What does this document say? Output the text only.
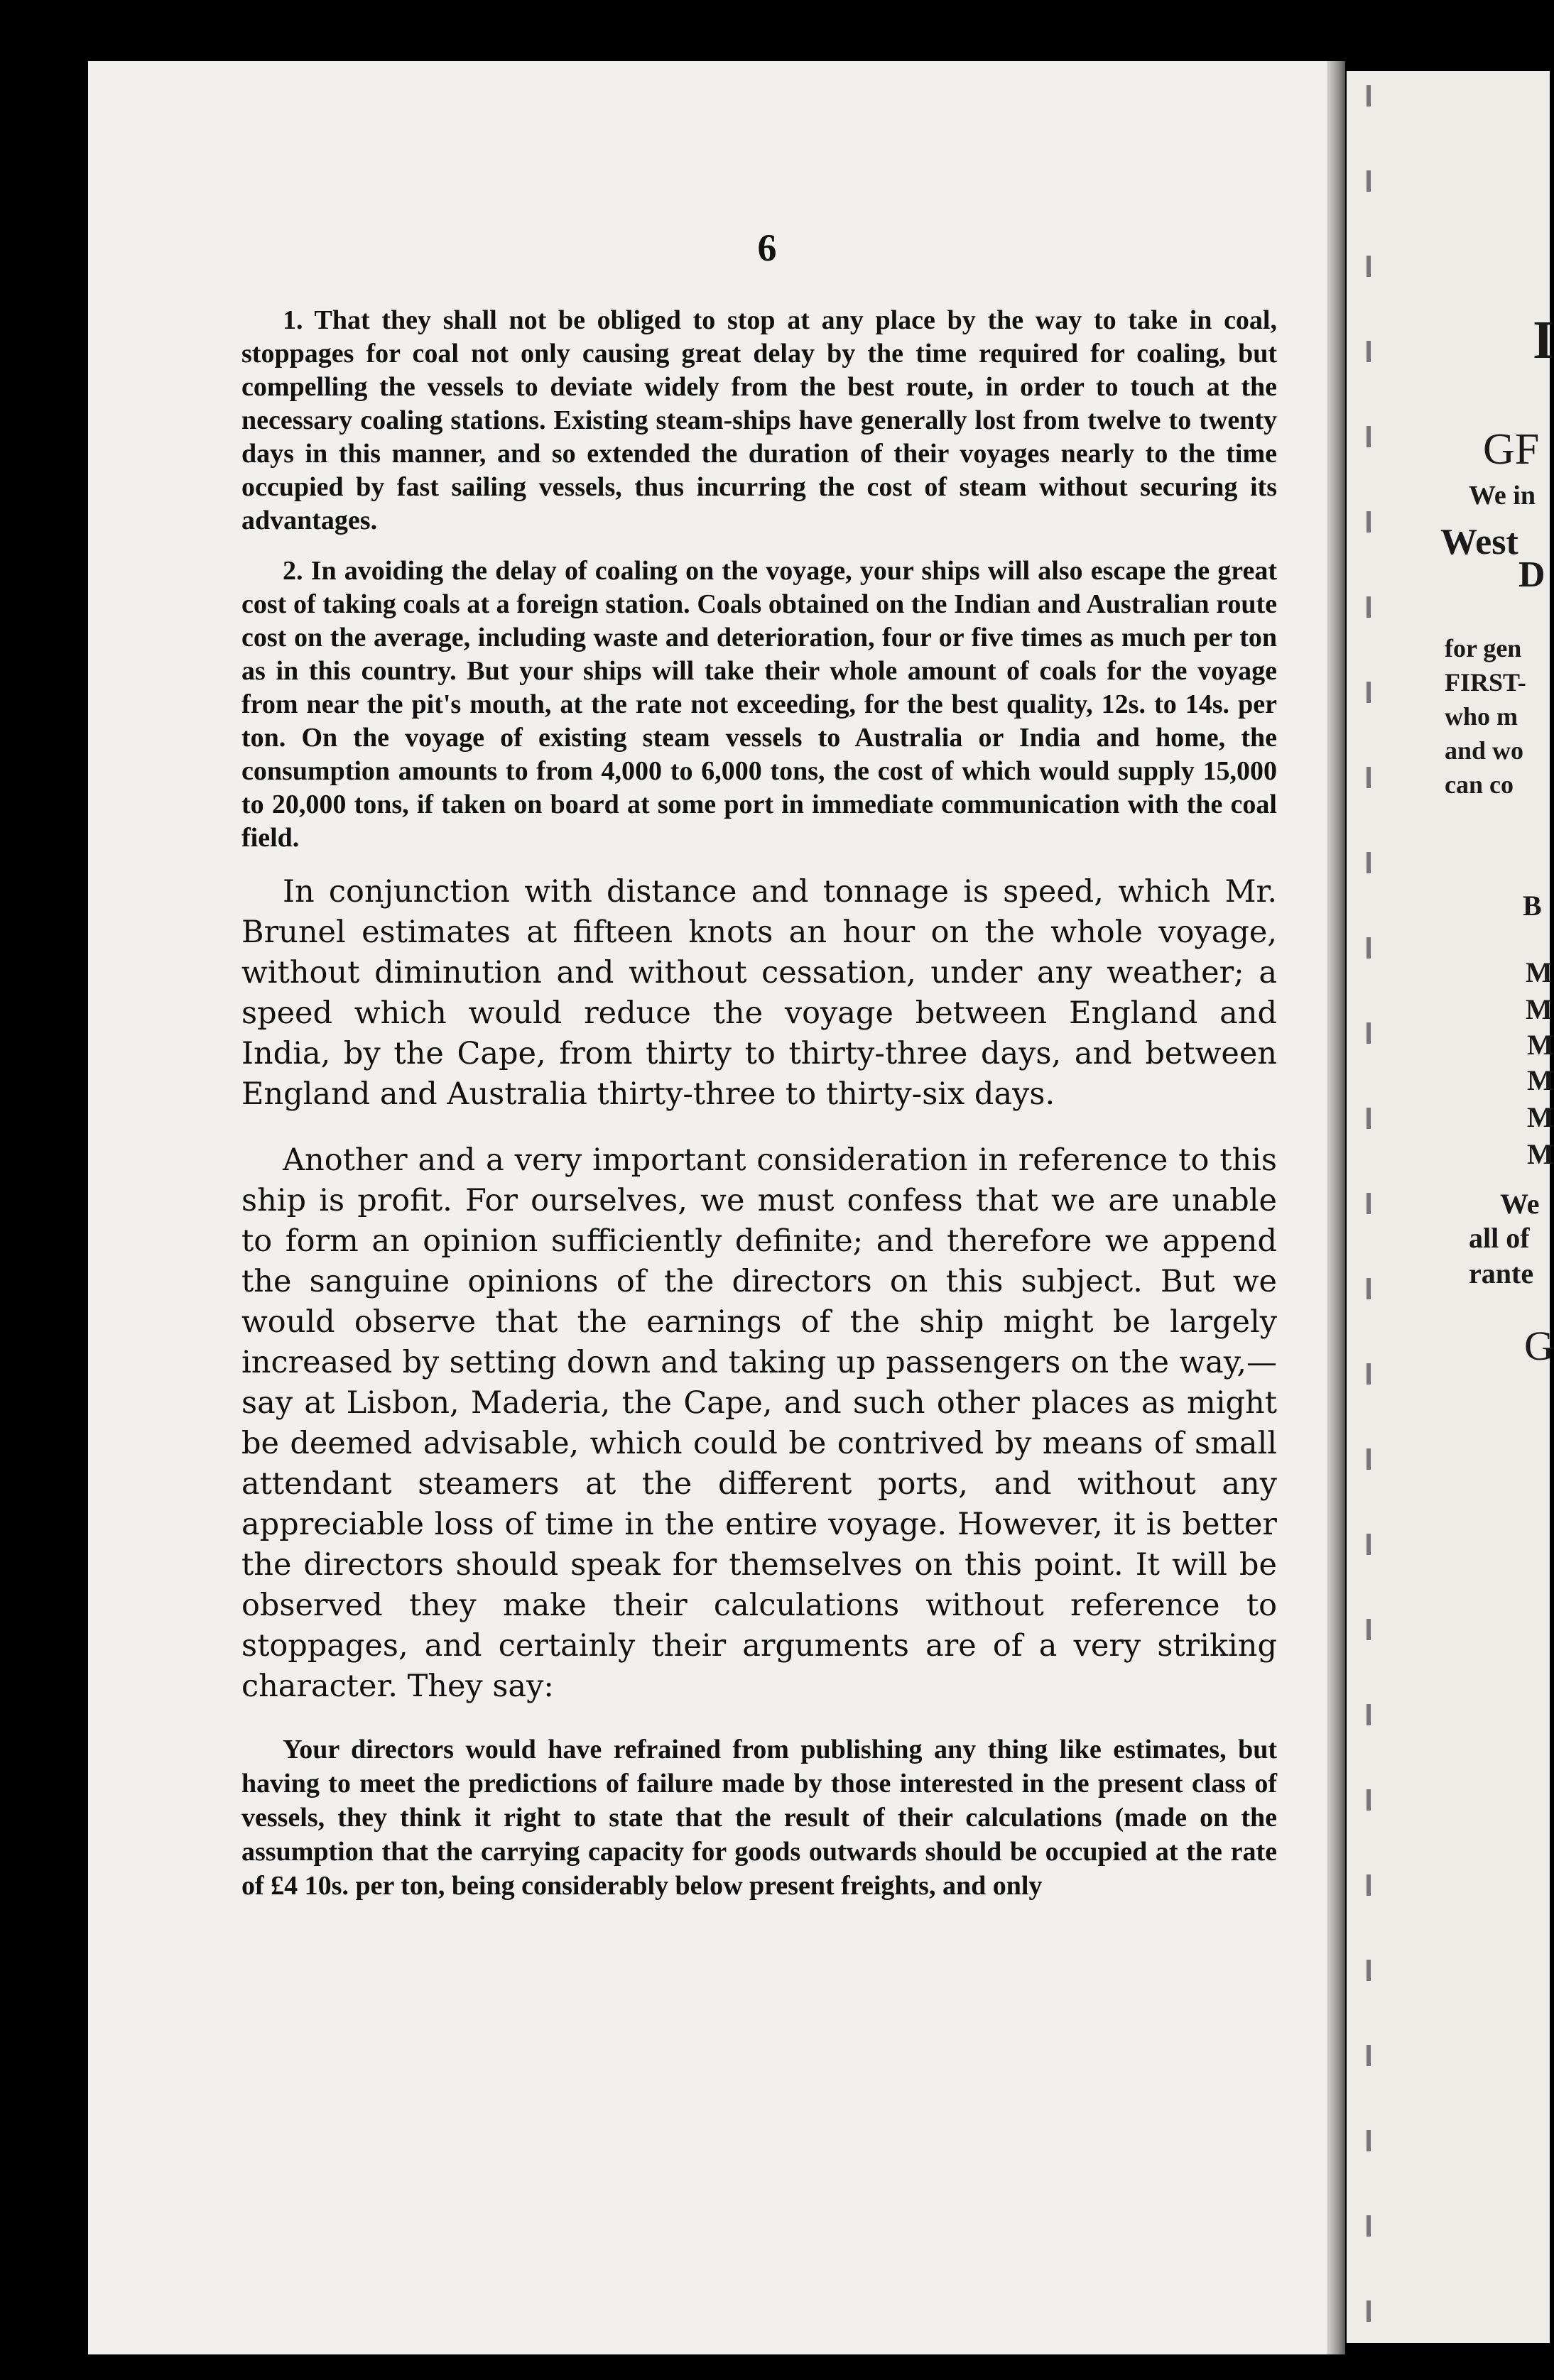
6

1. That they shall not be obliged to stop at any place by the way to take in coal, stoppages for coal not only causing great delay by the time required for coaling, but compelling the vessels to deviate widely from the best route, in order to touch at the necessary coaling stations. Existing steam-ships have generally lost from twelve to twenty days in this manner, and so extended the duration of their voyages nearly to the time occupied by fast sailing vessels, thus incurring the cost of steam without securing its advantages.

2. In avoiding the delay of coaling on the voyage, your ships will also escape the great cost of taking coals at a foreign station. Coals obtained on the Indian and Australian route cost on the average, including waste and deterioration, four or five times as much per ton as in this country. But your ships will take their whole amount of coals for the voyage from near the pit's mouth, at the rate not exceeding, for the best quality, 12s. to 14s. per ton. On the voyage of existing steam vessels to Australia or India and home, the consumption amounts to from 4,000 to 6,000 tons, the cost of which would supply 15,000 to 20,000 tons, if taken on board at some port in immediate communication with the coal field.

In conjunction with distance and tonnage is speed, which Mr. Brunel estimates at fifteen knots an hour on the whole voyage, without diminution and without cessation, under any weather; a speed which would reduce the voyage between England and India, by the Cape, from thirty to thirty-three days, and between England and Australia thirty-three to thirty-six days.

Another and a very important consideration in reference to this ship is profit. For ourselves, we must confess that we are unable to form an opinion sufficiently definite; and therefore we append the sanguine opinions of the directors on this subject. But we would observe that the earnings of the ship might be largely increased by setting down and taking up passengers on the way,—say at Lisbon, Maderia, the Cape, and such other places as might be deemed advisable, which could be contrived by means of small attendant steamers at the different ports, and without any appreciable loss of time in the entire voyage. However, it is better the directors should speak for themselves on this point. It will be observed they make their calculations without reference to stoppages, and certainly their arguments are of a very striking character. They say:

Your directors would have refrained from publishing any thing like estimates, but having to meet the predictions of failure made by those interested in the present class of vessels, they think it right to state that the result of their calculations (made on the assumption that the carrying capacity for goods outwards should be occupied at the rate of £4 10s. per ton, being considerably below present freights, and only

I
GF
We in
West
D
for gen
FIRST-
who m
and wo
can co
B
M
M
M
M
M
M
We
all of
rante
G
